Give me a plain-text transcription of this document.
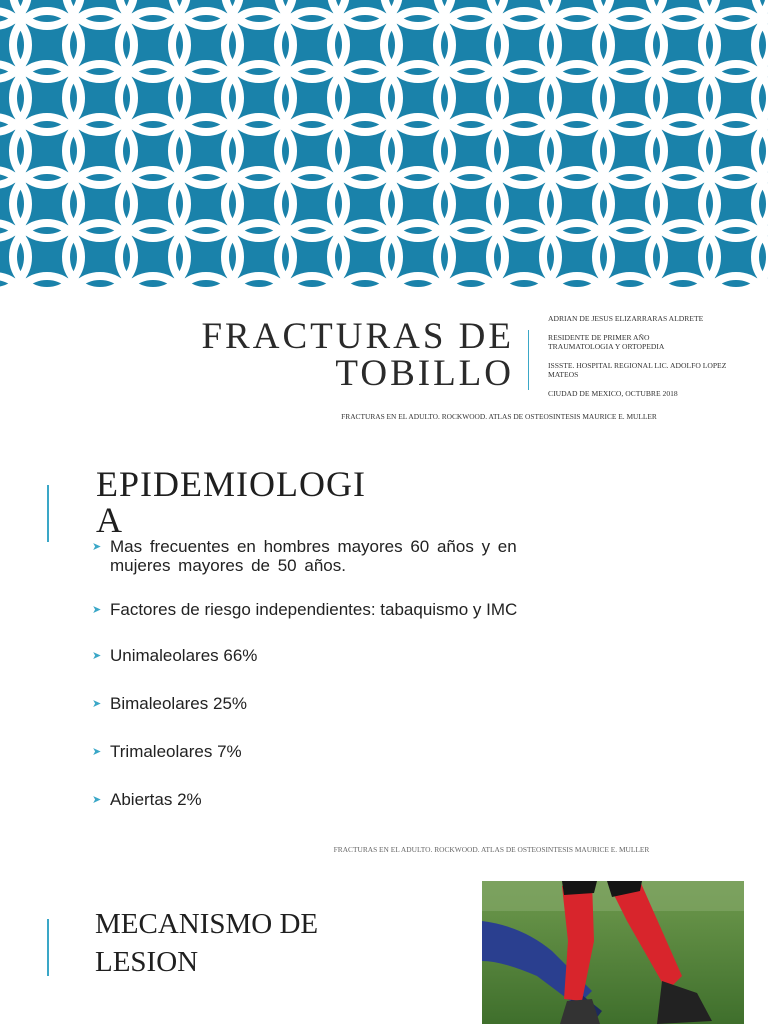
FRACTURAS DE
TOBILLO

ADRIAN DE JESUS ELIZARRARAS ALDRETE

RESIDENTE DE PRIMER AÑO
TRAUMATOLOGIA Y ORTOPEDIA

ISSSTE. HOSPITAL REGIONAL LIC. ADOLFO LOPEZ MATEOS

CIUDAD DE MEXICO, OCTUBRE 2018

FRACTURAS EN EL ADULTO. ROCKWOOD. ATLAS DE OSTEOSINTESIS MAURICE E. MULLER
EPIDEMIOLOGIA
➤ Mas frecuentes en hombres mayores 60 años y en mujeres mayores de 50 años.
➤ Factores de riesgo independientes: tabaquismo y IMC
➤ Unimaleolares 66%
➤ Bimaleolares 25%
➤ Trimaleolares 7%
➤ Abiertas 2%
FRACTURAS EN EL ADULTO. ROCKWOOD. ATLAS DE OSTEOSINTESIS MAURICE E. MULLER
MECANISMO DE
LESION
